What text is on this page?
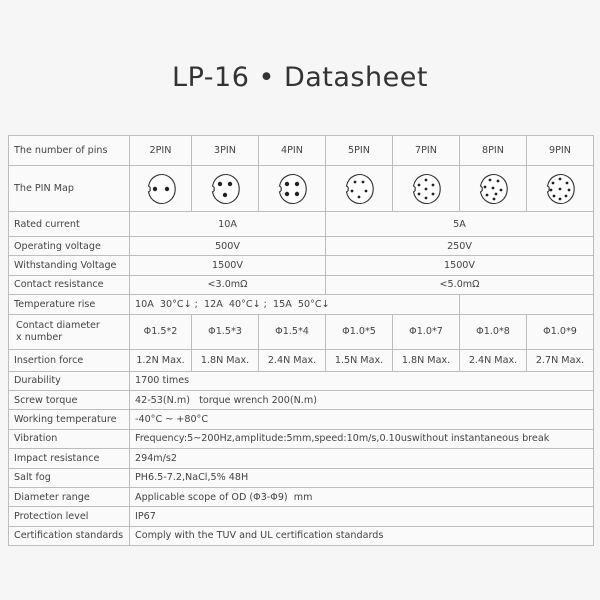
LP-16 • Datasheet
The number of pins	2PIN	3PIN	4PIN	5PIN	7PIN	8PIN	9PIN
The PIN Map	

Rated current	10A			5A			
Operating voltage	500V			250V			
Withstanding Voltage	1500V			1500V			
Contact resistance	<3.0mΩ			<5.0mΩ			
Temperature rise	10A  30°C↓ ;  12A  40°C↓ ;  15A  50°C↓						
Contact diameter
x number	Φ1.5*2	Φ1.5*3	Φ1.5*4	Φ1.0*5	Φ1.0*7	Φ1.0*8	Φ1.0*9
Insertion force	1.2N Max.	1.8N Max.	2.4N Max.	1.5N Max.	1.8N Max.	2.4N Max.	2.7N Max.
Durability	1700 times						
Screw torque	42-53(N.m)   torque wrench 200(N.m)						
Working temperature	-40°C ~ +80°C						
Vibration	Frequency:5~200Hz,amplitude:5mm,speed:10m/s,0.10uswithout instantaneous break						
Impact resistance	294m/s2						
Salt fog	PH6.5-7.2,NaCl,5% 48H						
Diameter range	Applicable scope of OD (Φ3-Φ9)  mm						
Protection level	IP67						
Certification standards	Comply with the TUV and UL certification standards						
